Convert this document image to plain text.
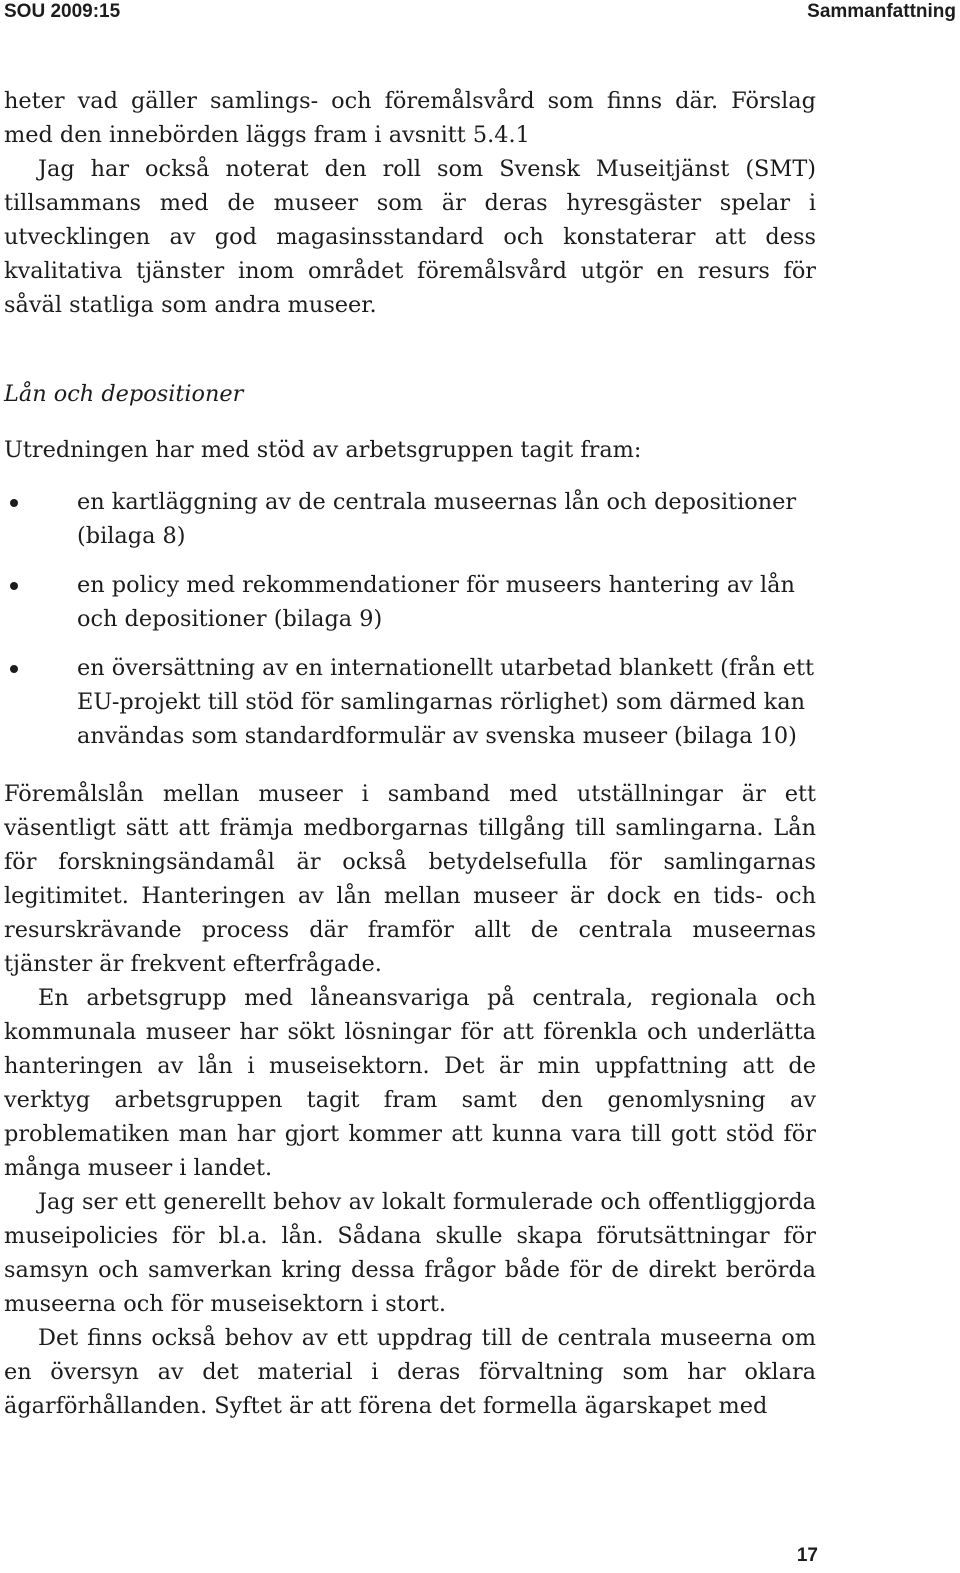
SOU 2009:15	Sammanfattning

heter vad gäller samlings- och föremålsvård som finns där. Förslag med den innebörden läggs fram i avsnitt 5.4.1

Jag har också noterat den roll som Svensk Museitjänst (SMT) tillsammans med de museer som är deras hyresgäster spelar i utvecklingen av god magasinsstandard och konstaterar att dess kvalitativa tjänster inom området föremålsvård utgör en resurs för såväl statliga som andra museer.

Lån och depositioner

Utredningen har med stöd av arbetsgruppen tagit fram:

en kartläggning av de centrala museernas lån och depositioner (bilaga 8)
en policy med rekommendationer för museers hantering av lån och depositioner (bilaga 9)
en översättning av en internationellt utarbetad blankett (från ett EU-projekt till stöd för samlingarnas rörlighet) som därmed kan användas som standardformulär av svenska museer (bilaga 10)

Föremålslån mellan museer i samband med utställningar är ett väsentligt sätt att främja medborgarnas tillgång till samlingarna. Lån för forskningsändamål är också betydelsefulla för samlingarnas legitimitet. Hanteringen av lån mellan museer är dock en tids- och resurskrävande process där framför allt de centrala museernas tjänster är frekvent efterfrågade.

En arbetsgrupp med låneansvariga på centrala, regionala och kommunala museer har sökt lösningar för att förenkla och underlätta hanteringen av lån i museisektorn. Det är min uppfattning att de verktyg arbetsgruppen tagit fram samt den genomlysning av problematiken man har gjort kommer att kunna vara till gott stöd för många museer i landet.

Jag ser ett generellt behov av lokalt formulerade och offentliggjorda museipolicies för bl.a. lån. Sådana skulle skapa förutsättningar för samsyn och samverkan kring dessa frågor både för de direkt berörda museerna och för museisektorn i stort.

Det finns också behov av ett uppdrag till de centrala museerna om en översyn av det material i deras förvaltning som har oklara ägarförhållanden. Syftet är att förena det formella ägarskapet med

17
